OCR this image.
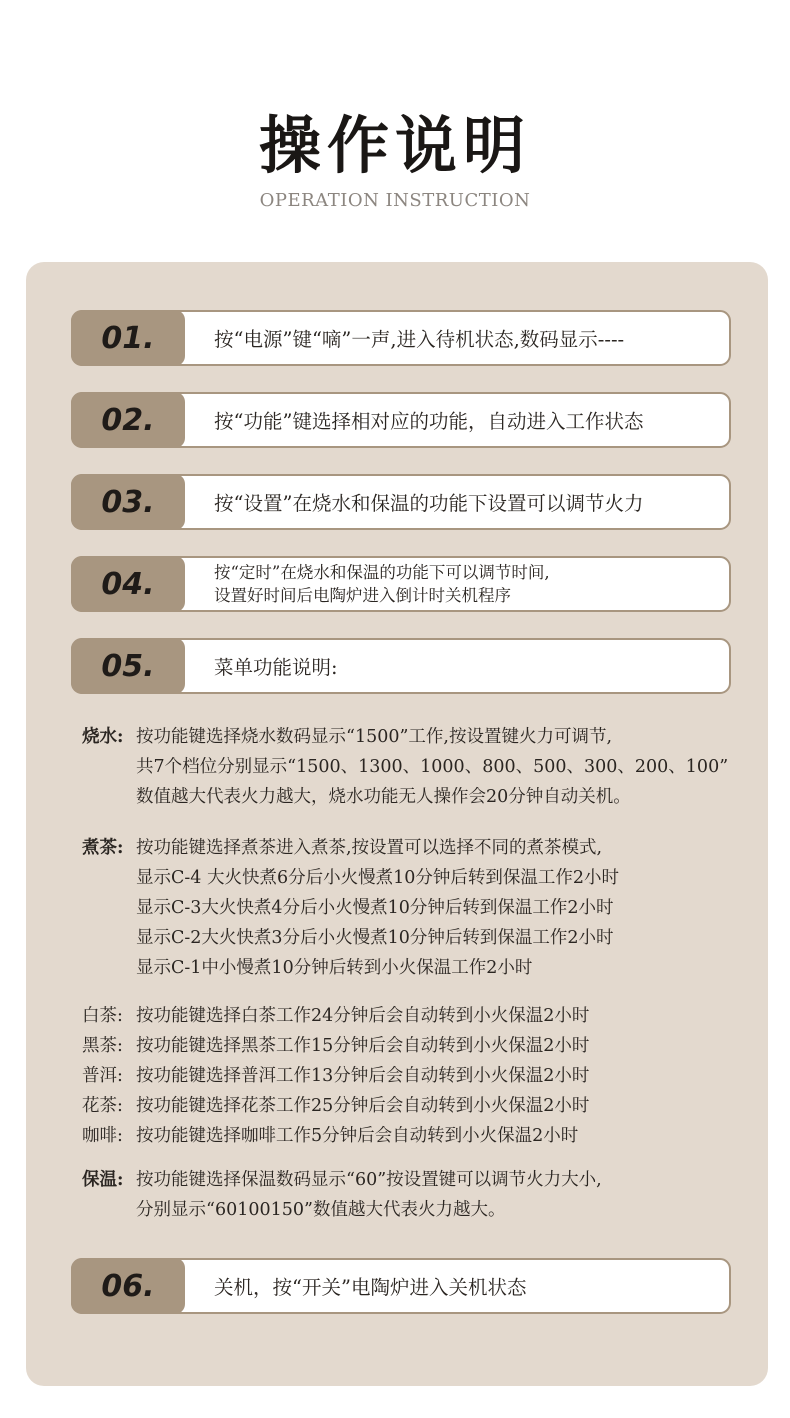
操作说明
OPERATION INSTRUCTION
01.	按“电源”键“嘀”一声,进入待机状态,数码显示----
02.	按“功能”键选择相对应的功能，自动进入工作状态
03.	按“设置”在烧水和保温的功能下设置可以调节火力
04.	按“定时”在烧水和保温的功能下可以调节时间,
设置好时间后电陶炉进入倒计时关机程序
05.	菜单功能说明:
烧水: 按功能键选择烧水数码显示“1500”工作,按设置键火力可调节,
共7个档位分别显示“1500、1300、1000、800、500、300、200、100”
数值越大代表火力越大，烧水功能无人操作会20分钟自动关机。
煮茶: 按功能键选择煮茶进入煮茶,按设置可以选择不同的煮茶模式,
显示C-4 大火快煮6分后小火慢煮10分钟后转到保温工作2小时
显示C-3大火快煮4分后小火慢煮10分钟后转到保温工作2小时
显示C-2大火快煮3分后小火慢煮10分钟后转到保温工作2小时
显示C-1中小慢煮10分钟后转到小火保温工作2小时
白茶: 按功能键选择白茶工作24分钟后会自动转到小火保温2小时
黑茶: 按功能键选择黑茶工作15分钟后会自动转到小火保温2小时
普洱: 按功能键选择普洱工作13分钟后会自动转到小火保温2小时
花茶: 按功能键选择花茶工作25分钟后会自动转到小火保温2小时
咖啡: 按功能键选择咖啡工作5分钟后会自动转到小火保温2小时
保温: 按功能键选择保温数码显示“60”按设置键可以调节火力大小,
分别显示“60100150”数值越大代表火力越大。
06.	关机，按“开关”电陶炉进入关机状态
